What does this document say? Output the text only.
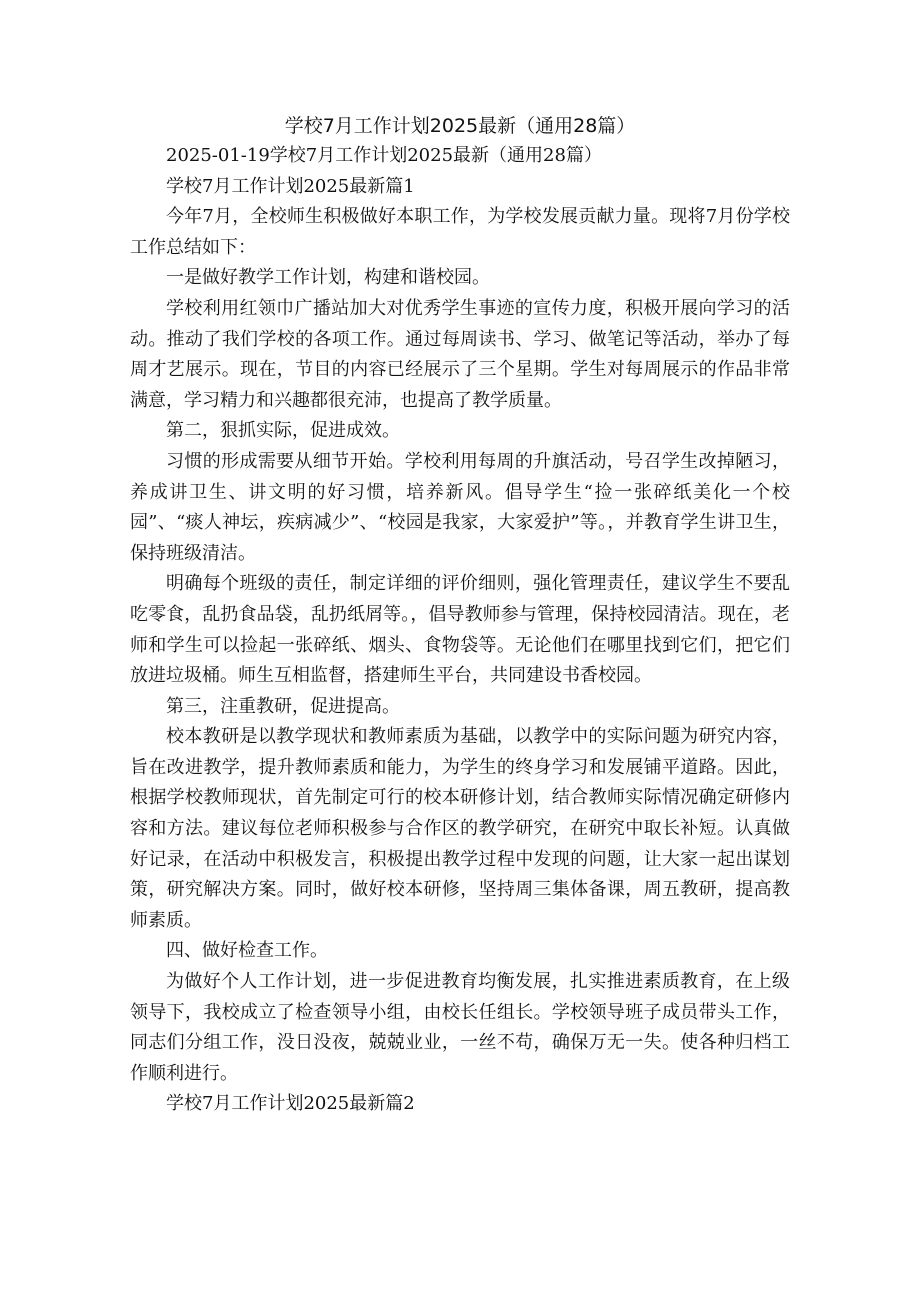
学校7月工作计划2025最新（通用28篇）

2025-01-19学校7月工作计划2025最新（通用28篇）

学校7月工作计划2025最新篇1

今年7月，全校师生积极做好本职工作，为学校发展贡献力量。现将7月份学校工作总结如下：

一是做好教学工作计划，构建和谐校园。

学校利用红领巾广播站加大对优秀学生事迹的宣传力度，积极开展向学习的活动。推动了我们学校的各项工作。通过每周读书、学习、做笔记等活动，举办了每周才艺展示。现在，节目的内容已经展示了三个星期。学生对每周展示的作品非常满意，学习精力和兴趣都很充沛，也提高了教学质量。

第二，狠抓实际，促进成效。

习惯的形成需要从细节开始。学校利用每周的升旗活动，号召学生改掉陋习，养成讲卫生、讲文明的好习惯，培养新风。倡导学生“捡一张碎纸美化一个校园”、“痰人神坛，疾病减少”、“校园是我家，大家爱护”等。，并教育学生讲卫生，保持班级清洁。

明确每个班级的责任，制定详细的评价细则，强化管理责任，建议学生不要乱吃零食，乱扔食品袋，乱扔纸屑等。，倡导教师参与管理，保持校园清洁。现在，老师和学生可以捡起一张碎纸、烟头、食物袋等。无论他们在哪里找到它们，把它们放进垃圾桶。师生互相监督，搭建师生平台，共同建设书香校园。

第三，注重教研，促进提高。

校本教研是以教学现状和教师素质为基础，以教学中的实际问题为研究内容，旨在改进教学，提升教师素质和能力，为学生的终身学习和发展铺平道路。因此，根据学校教师现状，首先制定可行的校本研修计划，结合教师实际情况确定研修内容和方法。建议每位老师积极参与合作区的教学研究，在研究中取长补短。认真做好记录，在活动中积极发言，积极提出教学过程中发现的问题，让大家一起出谋划策，研究解决方案。同时，做好校本研修，坚持周三集体备课，周五教研，提高教师素质。

四、做好检查工作。

为做好个人工作计划，进一步促进教育均衡发展，扎实推进素质教育，在上级领导下，我校成立了检查领导小组，由校长任组长。学校领导班子成员带头工作，同志们分组工作，没日没夜，兢兢业业，一丝不苟，确保万无一失。使各种归档工作顺利进行。

学校7月工作计划2025最新篇2
